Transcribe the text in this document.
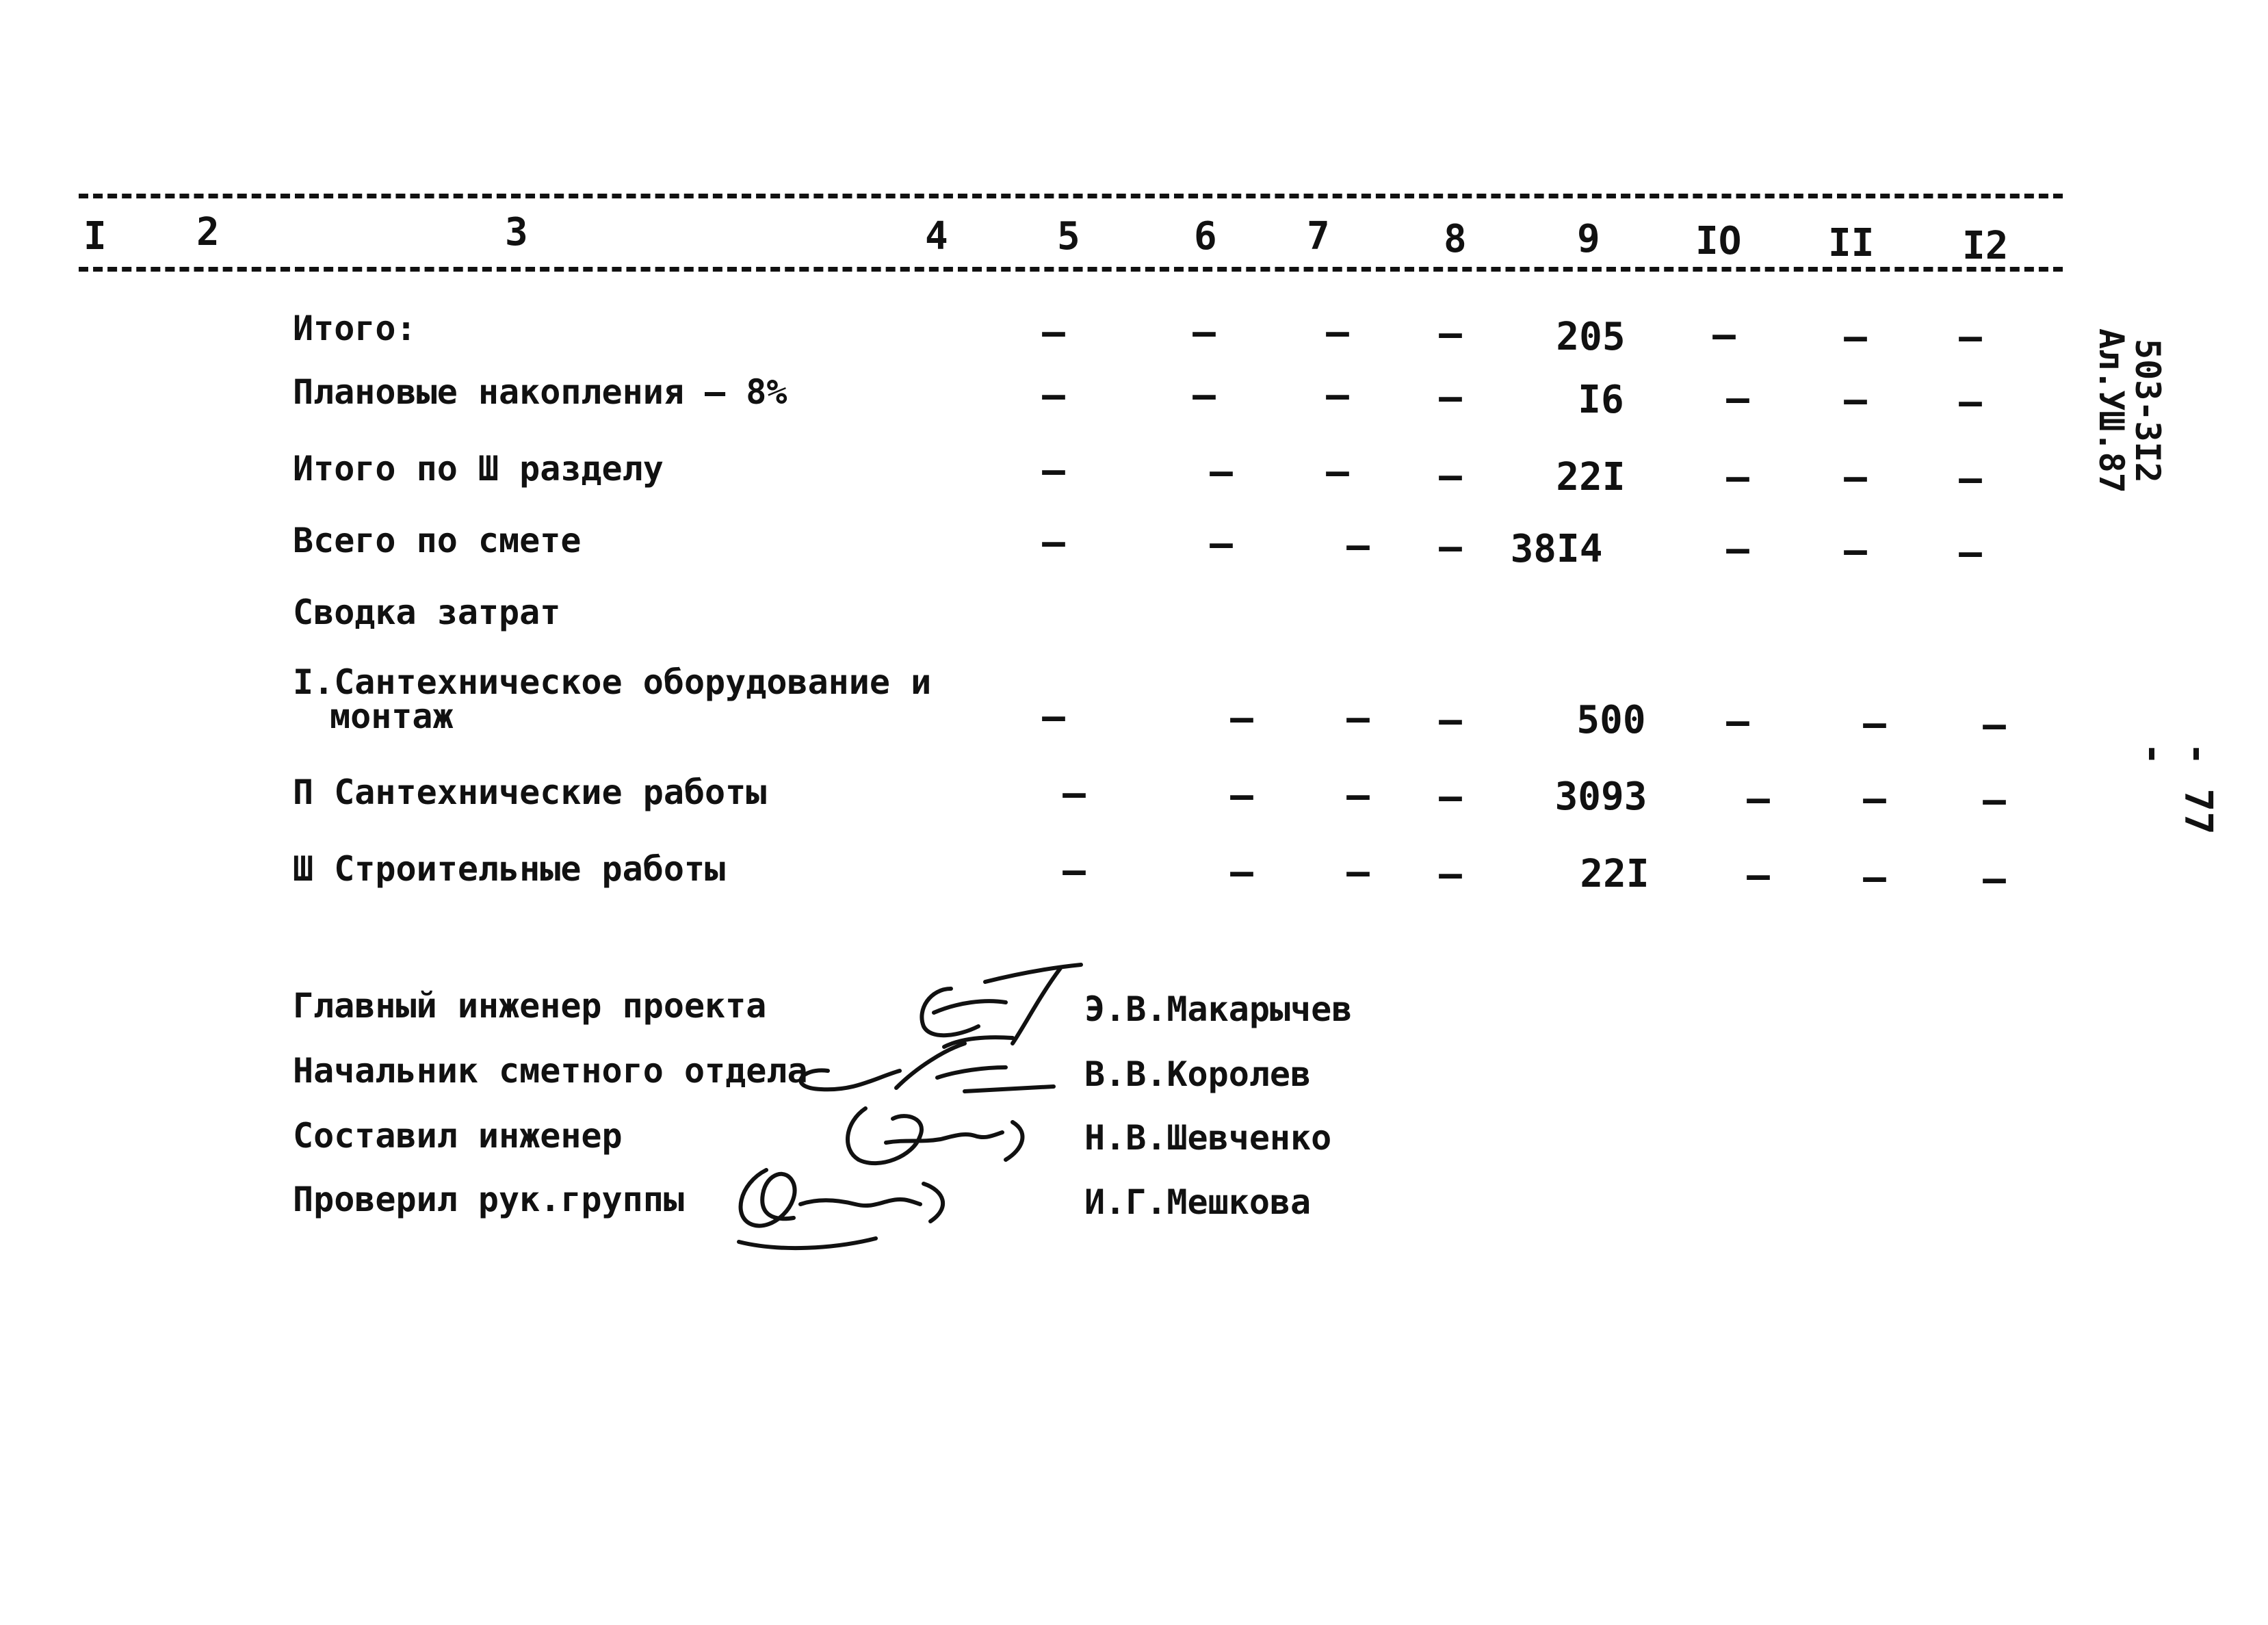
I 2	3	4	5	6 7	8	9 IO II I2
Итого:	–	–	–	–	205	–	–	–
Плановые накопления – 8%	–	–	–	–	I6	–	–	–
Итого по Ш разделу	–	–	–	–	22I	–	–	–
Всего по смете	–	–	–	–	38I4	–	–	–
Сводка затрат
I.Сантехническое оборудование и
монтаж	–	–	–	–	500	–	–	–
П Сантехнические работы	–	–	–	–	3093	–	–	–
Ш Строительные работы	–	–	–	–	22I	–	–	–
Главный инженер проекта	Э.В.Макарычев
Начальник сметного отдела	В.В.Королев
Составил инженер	Н.В.Шевченко
Проверил рук.группы	И.Г.Мешкова
503-3I2
Ал.УШ.87
- 77 -
